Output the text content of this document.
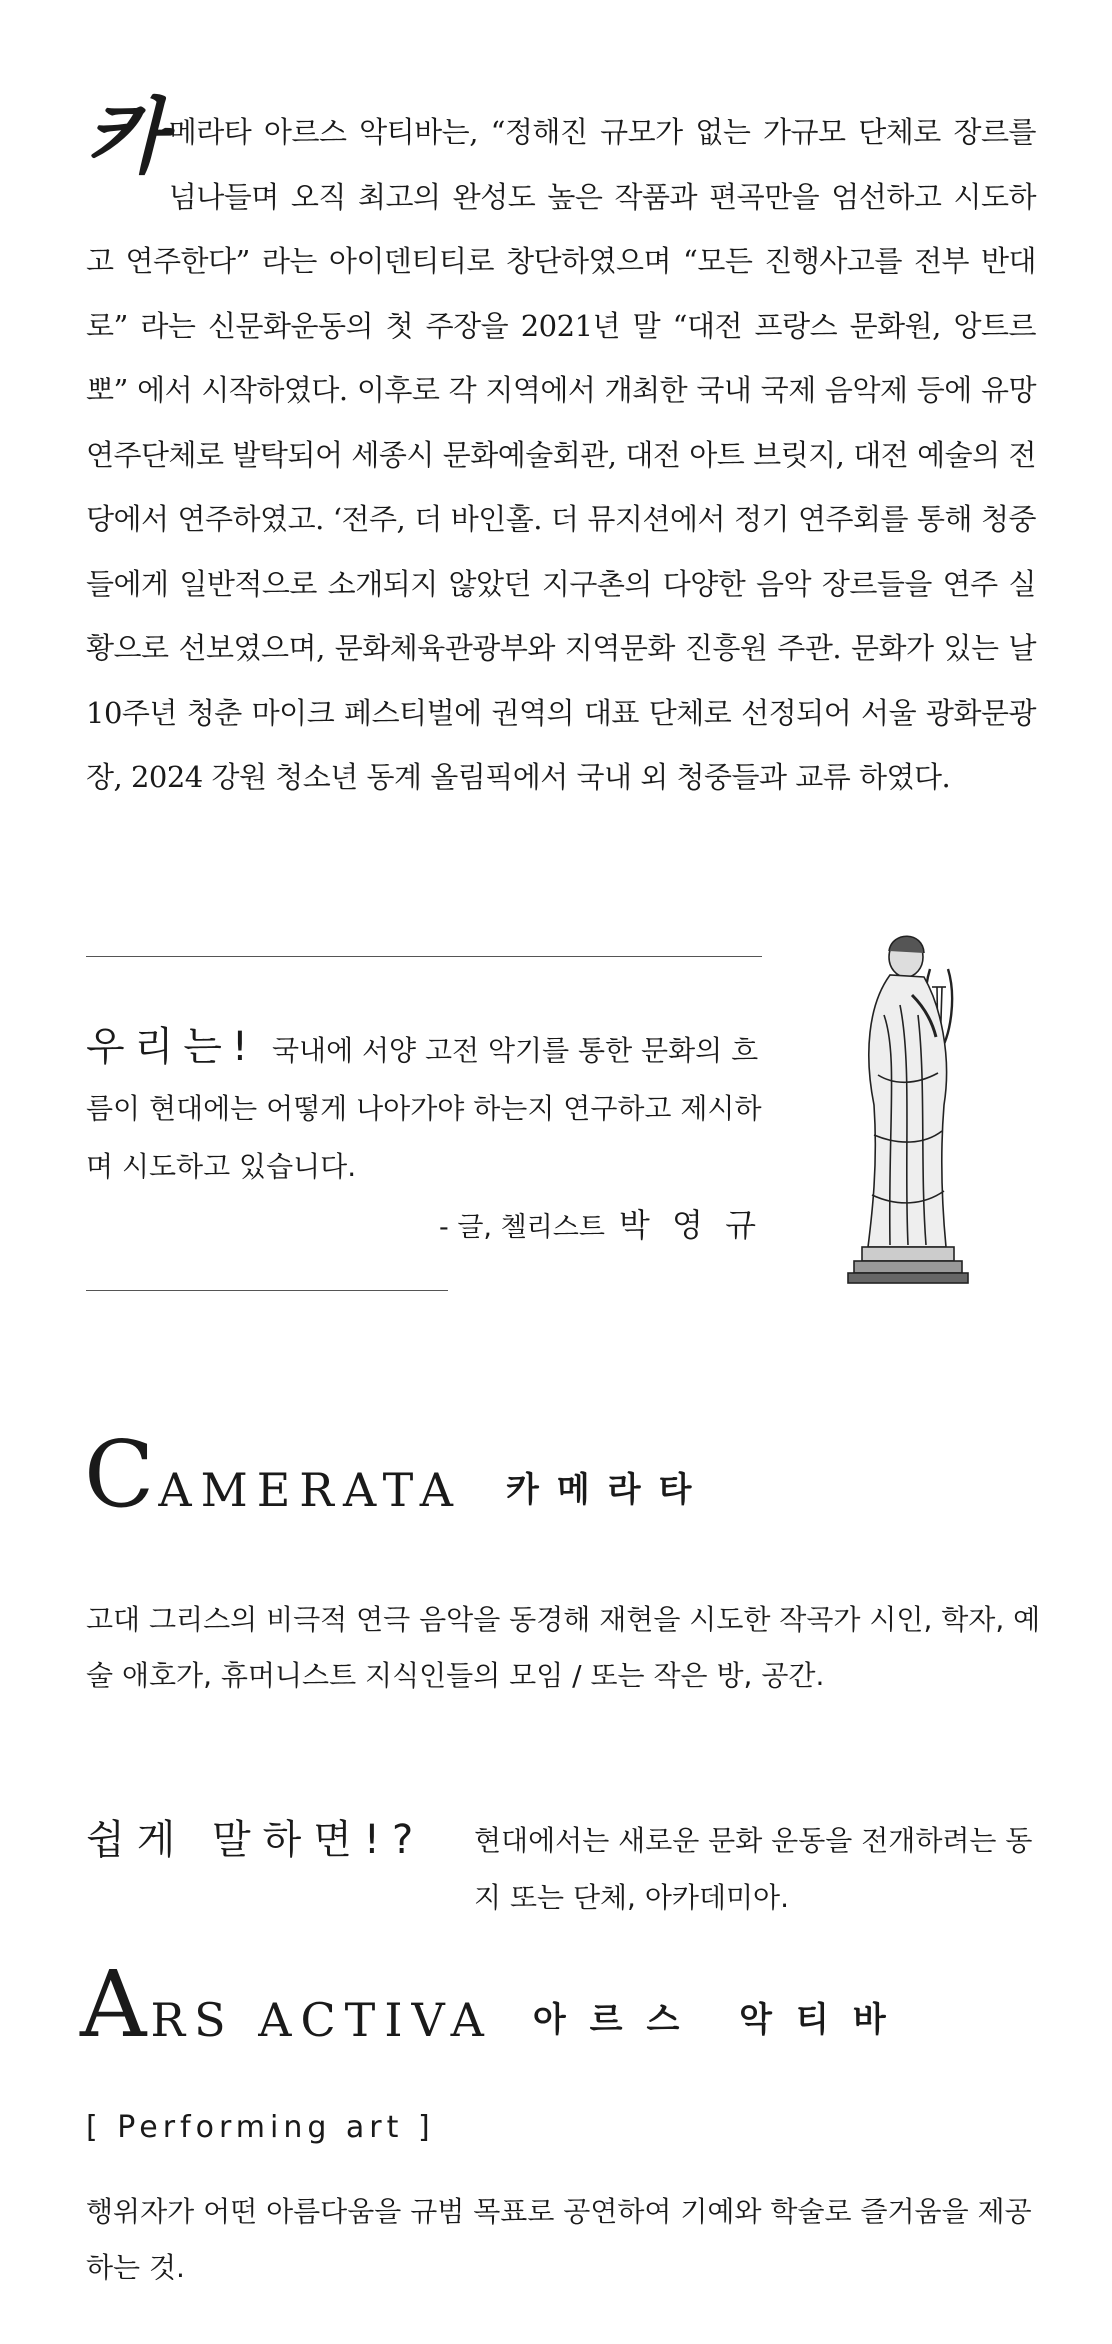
카메라타 아르스 악티바는, “정해진 규모가 없는 가규모 단체로 장르를 넘나들며 오직 최고의 완성도 높은 작품과 편곡만을 엄선하고 시도하고 연주한다” 라는 아이덴티티로 창단하였으며 “모든 진행사고를 전부 반대로” 라는 신문화운동의 첫 주장을 2021년 말 “대전 프랑스 문화원, 앙트르뽀” 에서 시작하였다. 이후로 각 지역에서 개최한 국내 국제 음악제 등에 유망 연주단체로 발탁되어 세종시 문화예술회관, 대전 아트 브릿지, 대전 예술의 전당에서 연주하였고. ‘전주, 더 바인홀. 더 뮤지션에서 정기 연주회를 통해 청중들에게 일반적으로 소개되지 않았던 지구촌의 다양한 음악 장르들을 연주 실황으로 선보였으며, 문화체육관광부와 지역문화 진흥원 주관. 문화가 있는 날 10주년 청춘 마이크 페스티벌에 권역의 대표 단체로 선정되어 서울 광화문광장, 2024 강원 청소년 동계 올림픽에서 국내 외 청중들과 교류 하였다.

우리는! 국내에 서양 고전 악기를 통한 문화의 흐름이 현대에는 어떻게 나아가야 하는지 연구하고 제시하며 시도하고 있습니다.

- 글, 첼리스트 박 영 규
CAMERATA 카메라타

고대 그리스의 비극적 연극 음악을 동경해 재현을 시도한 작곡가 시인, 학자, 예술 애호가, 휴머니스트 지식인들의 모임 / 또는 작은 방, 공간.

쉽게 말하면!? 현대에서는 새로운 문화 운동을 전개하려는 동지 또는 단체, 아카데미아.

ARS ACTIVA 아르스 악티바
[ Performing art ]

행위자가 어떤 아름다움을 규범 목표로 공연하여 기예와 학술로 즐거움을 제공하는 것.
